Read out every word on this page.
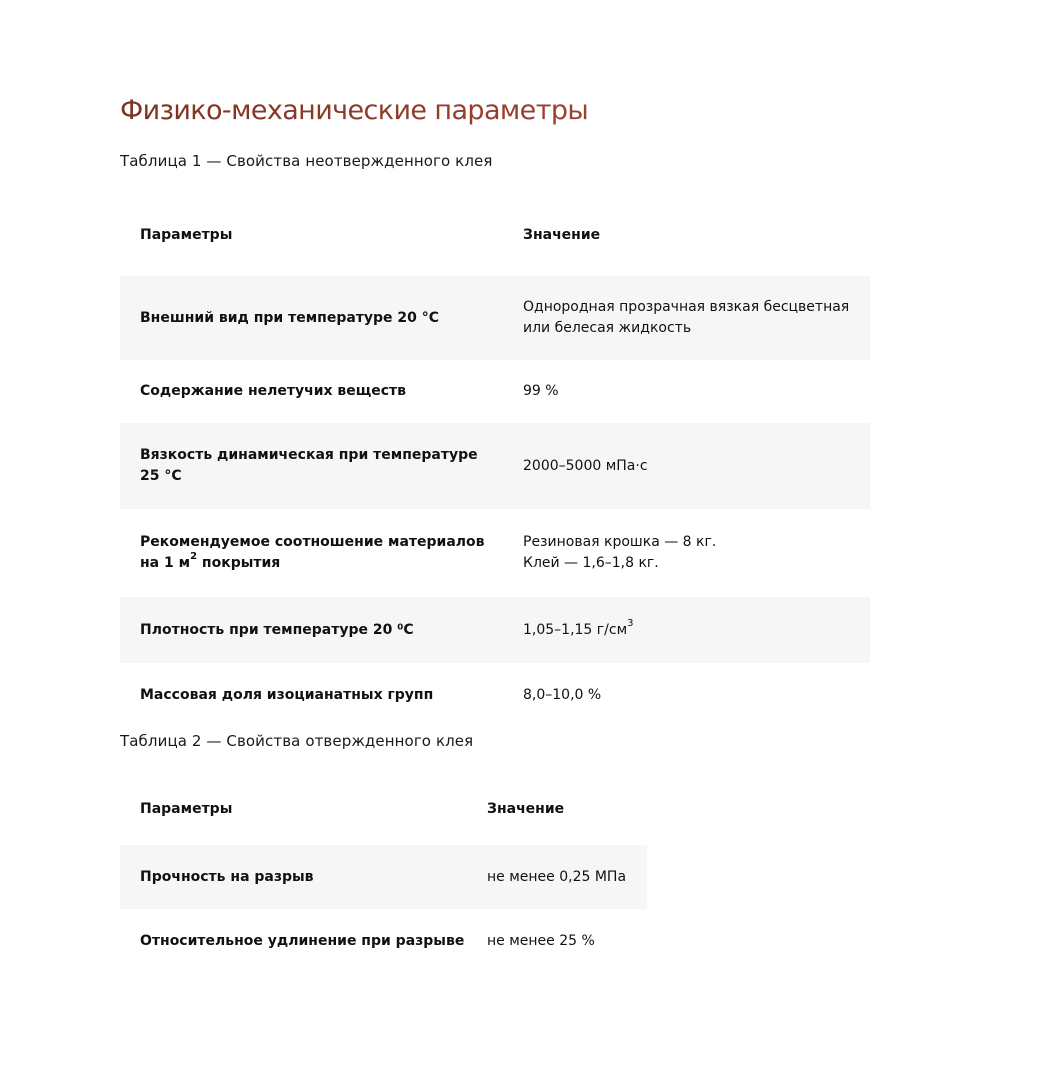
Физико-механические параметры

Таблица 1 — Свойства неотвержденного клея

Параметры	Значение
Внешний вид при температуре 20 °С	Однородная прозрачная вязкая бесцветная
или белесая жидкость
Содержание нелетучих веществ	99 %
Вязкость динамическая при температуре
25 °С	2000–5000 мПа·с
Рекомендуемое соотношение материалов
на 1 $м^2$ покрытия	Резиновая крошка — 8 кг.
Клей — 1,6–1,8 кг.
Плотность при температуре 20 ⁰С	1,05–1,15 $г/см^3$
Массовая доля изоцианатных групп	8,0–10,0 %

Таблица 2 — Свойства отвержденного клея

Параметры	Значение
Прочность на разрыв	не менее 0,25 МПа
Относительное удлинение при разрыве	не менее 25 %
